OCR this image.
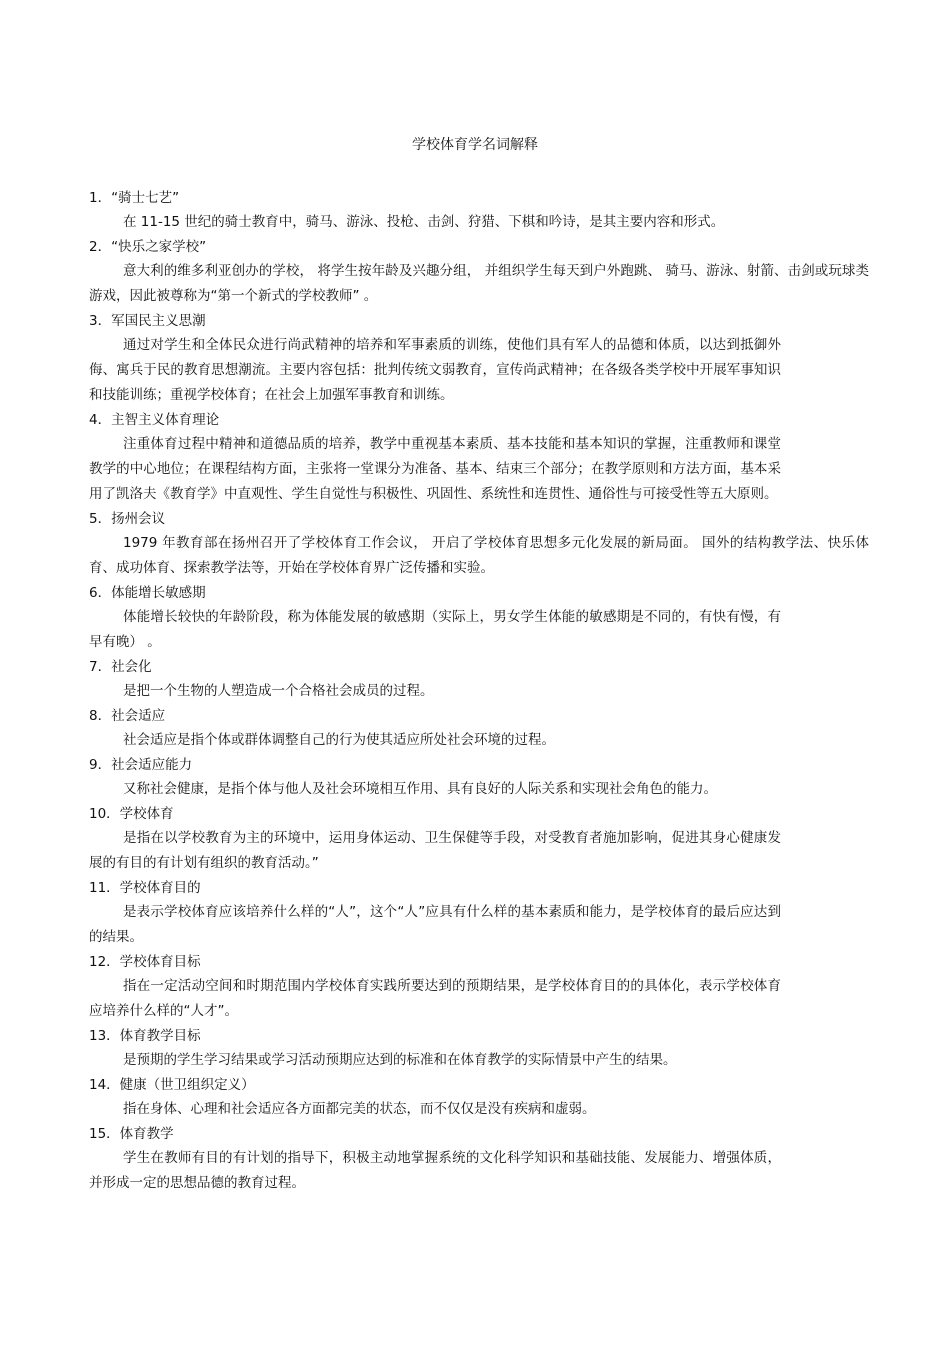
学校体育学名词解释
1．“骑士七艺”
在 11-15 世纪的骑士教育中，骑马、游泳、投枪、击剑、狩猎、下棋和吟诗，是其主要内容和形式。
2．“快乐之家学校”
意大利的维多利亚创办的学校， 将学生按年龄及兴趣分组， 并组织学生每天到户外跑跳、 骑马、游泳、射箭、击剑或玩球类游戏，因此被尊称为“第一个新式的学校教师” 。
3．军国民主义思潮
通过对学生和全体民众进行尚武精神的培养和军事素质的训练，使他们具有军人的品德和体质，以达到抵御外侮、寓兵于民的教育思想潮流。主要内容包括：批判传统文弱教育，宣传尚武精神；在各级各类学校中开展军事知识和技能训练；重视学校体育；在社会上加强军事教育和训练。
4．主智主义体育理论
注重体育过程中精神和道德品质的培养，教学中重视基本素质、基本技能和基本知识的掌握，注重教师和课堂教学的中心地位；在课程结构方面，主张将一堂课分为准备、基本、结束三个部分；在教学原则和方法方面，基本采用了凯洛夫《教育学》中直观性、学生自觉性与积极性、巩固性、系统性和连贯性、通俗性与可接受性等五大原则。
5．扬州会议
1979 年教育部在扬州召开了学校体育工作会议， 开启了学校体育思想多元化发展的新局面。 国外的结构教学法、快乐体育、成功体育、探索教学法等，开始在学校体育界广泛传播和实验。
6．体能增长敏感期
体能增长较快的年龄阶段，称为体能发展的敏感期（实际上，男女学生体能的敏感期是不同的，有快有慢，有早有晚） 。
7．社会化
是把一个生物的人塑造成一个合格社会成员的过程。
8．社会适应
社会适应是指个体或群体调整自己的行为使其适应所处社会环境的过程。
9．社会适应能力
又称社会健康，是指个体与他人及社会环境相互作用、具有良好的人际关系和实现社会角色的能力。
10．学校体育
是指在以学校教育为主的环境中，运用身体运动、卫生保健等手段，对受教育者施加影响，促进其身心健康发展的有目的有计划有组织的教育活动。”
11．学校体育目的
是表示学校体育应该培养什么样的“人”，这个“人”应具有什么样的基本素质和能力，是学校体育的最后应达到的结果。
12．学校体育目标
指在一定活动空间和时期范围内学校体育实践所要达到的预期结果，是学校体育目的的具体化，表示学校体育应培养什么样的“人才”。
13．体育教学目标
是预期的学生学习结果或学习活动预期应达到的标准和在体育教学的实际情景中产生的结果。
14．健康（世卫组织定义）
指在身体、心理和社会适应各方面都完美的状态，而不仅仅是没有疾病和虚弱。
15．体育教学
学生在教师有目的有计划的指导下，积极主动地掌握系统的文化科学知识和基础技能、发展能力、增强体质，并形成一定的思想品德的教育过程。
